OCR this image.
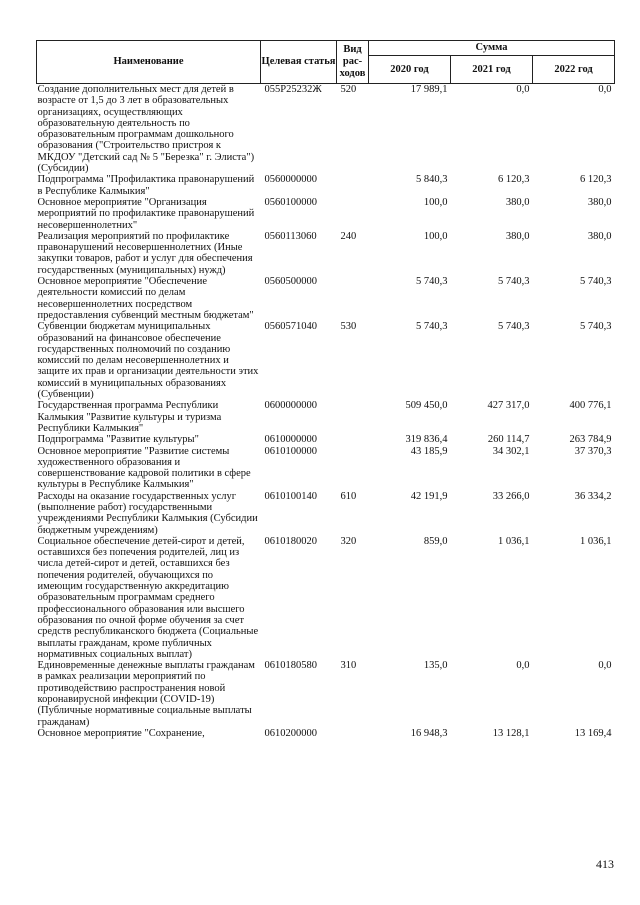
Наименование	Целевая статья	Вид рас-ходов	Сумма		
			2020 год	2021 год	2022 год
Создание дополнительных мест для детей в возрасте от 1,5 до 3 лет в образовательных организациях, осуществляющих образовательную деятельность по образовательным программам дошкольного образования ("Строительство пристроя к МКДОУ "Детский сад № 5 "Березка" г. Элиста") (Субсидии)	055P25232Ж	520	17 989,1	0,0	0,0
Подпрограмма "Профилактика правонарушений в Республике Калмыкия"	0560000000		5 840,3	6 120,3	6 120,3
Основное мероприятие "Организация мероприятий по профилактике правонарушений несовершеннолетних"	0560100000		100,0	380,0	380,0
Реализация мероприятий по профилактике правонарушений несовершеннолетних (Иные закупки товаров, работ и услуг для обеспечения государственных (муниципальных) нужд)	0560113060	240	100,0	380,0	380,0
Основное мероприятие "Обеспечение деятельности комиссий по делам несовершеннолетних посредством предоставления субвенций местным бюджетам"	0560500000		5 740,3	5 740,3	5 740,3
Субвенции бюджетам муниципальных образований на финансовое обеспечение государственных полномочий по созданию комиссий по делам несовершеннолетних и защите их прав и организации деятельности этих комиссий в муниципальных образованиях (Субвенции)	0560571040	530	5 740,3	5 740,3	5 740,3
Государственная программа Республики Калмыкия "Развитие культуры и туризма Республики Калмыкия"	0600000000		509 450,0	427 317,0	400 776,1
Подпрограмма "Развитие культуры"	0610000000		319 836,4	260 114,7	263 784,9
Основное мероприятие "Развитие системы художественного образования и совершенствование кадровой политики в сфере культуры в Республике Калмыкия"	0610100000		43 185,9	34 302,1	37 370,3
Расходы на оказание государственных услуг (выполнение работ) государственными учреждениями Республики Калмыкия (Субсидии бюджетным учреждениям)	0610100140	610	42 191,9	33 266,0	36 334,2
Социальное обеспечение детей-сирот и детей, оставшихся без попечения родителей, лиц из числа детей-сирот и детей, оставшихся без попечения родителей, обучающихся по имеющим государственную аккредитацию образовательным программам среднего профессионального образования или высшего образования по очной форме обучения за счет средств республиканского бюджета (Социальные выплаты гражданам, кроме публичных нормативных социальных выплат)	0610180020	320	859,0	1 036,1	1 036,1
Единовременные денежные выплаты гражданам в рамках реализации мероприятий по противодействию распространения новой коронавирусной инфекции (COVID-19) (Публичные нормативные социальные выплаты гражданам)	0610180580	310	135,0	0,0	0,0
Основное мероприятие "Сохранение,	0610200000		16 948,3	13 128,1	13 169,4
413
